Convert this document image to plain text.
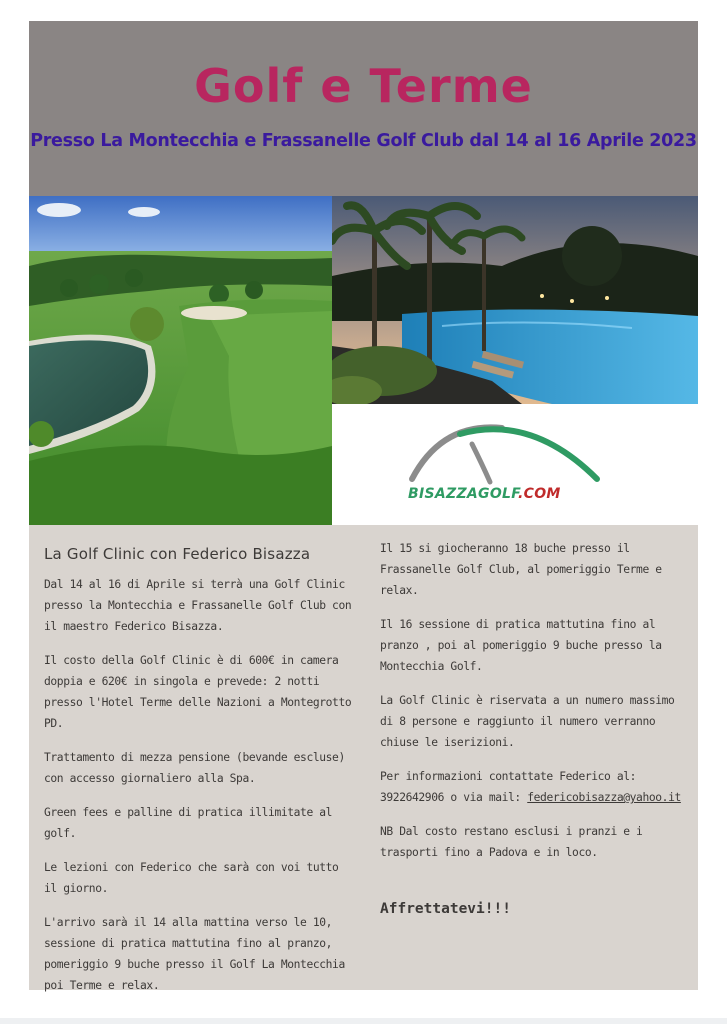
Golf e Terme
Presso La Montecchia e Frassanelle Golf Club dal 14 al 16 Aprile 2023
BISAZZAGOLF.COM
La Golf Clinic con Federico Bisazza

Dal 14 al 16 di Aprile si terrà una Golf Clinic presso la Montecchia e Frassanelle Golf Club con il maestro Federico Bisazza.

Il costo della Golf Clinic è di 600€ in camera doppia e 620€ in singola e prevede: 2 notti presso l'Hotel Terme delle Nazioni a Montegrotto PD.

Trattamento di mezza pensione (bevande escluse) con accesso giornaliero alla Spa.

Green fees e palline di pratica illimitate al golf.

Le lezioni con Federico che sarà con voi tutto il giorno.

L'arrivo sarà il 14 alla mattina verso le 10, sessione di pratica mattutina fino al pranzo, pomeriggio 9 buche presso il Golf La Montecchia poi Terme e relax.

Il 15 si giocheranno 18 buche presso il Frassanelle Golf Club, al pomeriggio Terme e relax.

Il 16 sessione di pratica mattutina fino al pranzo , poi al pomeriggio 9 buche presso la Montecchia Golf.

La Golf Clinic è riservata a un numero massimo di 8 persone e raggiunto il numero verranno chiuse le iserizioni.

Per informazioni contattate Federico al: 3922642906 o via mail: federicobisazza@yahoo.it

NB Dal costo restano esclusi i pranzi e i trasporti fino a Padova e in loco.

Affrettatevi!!!
